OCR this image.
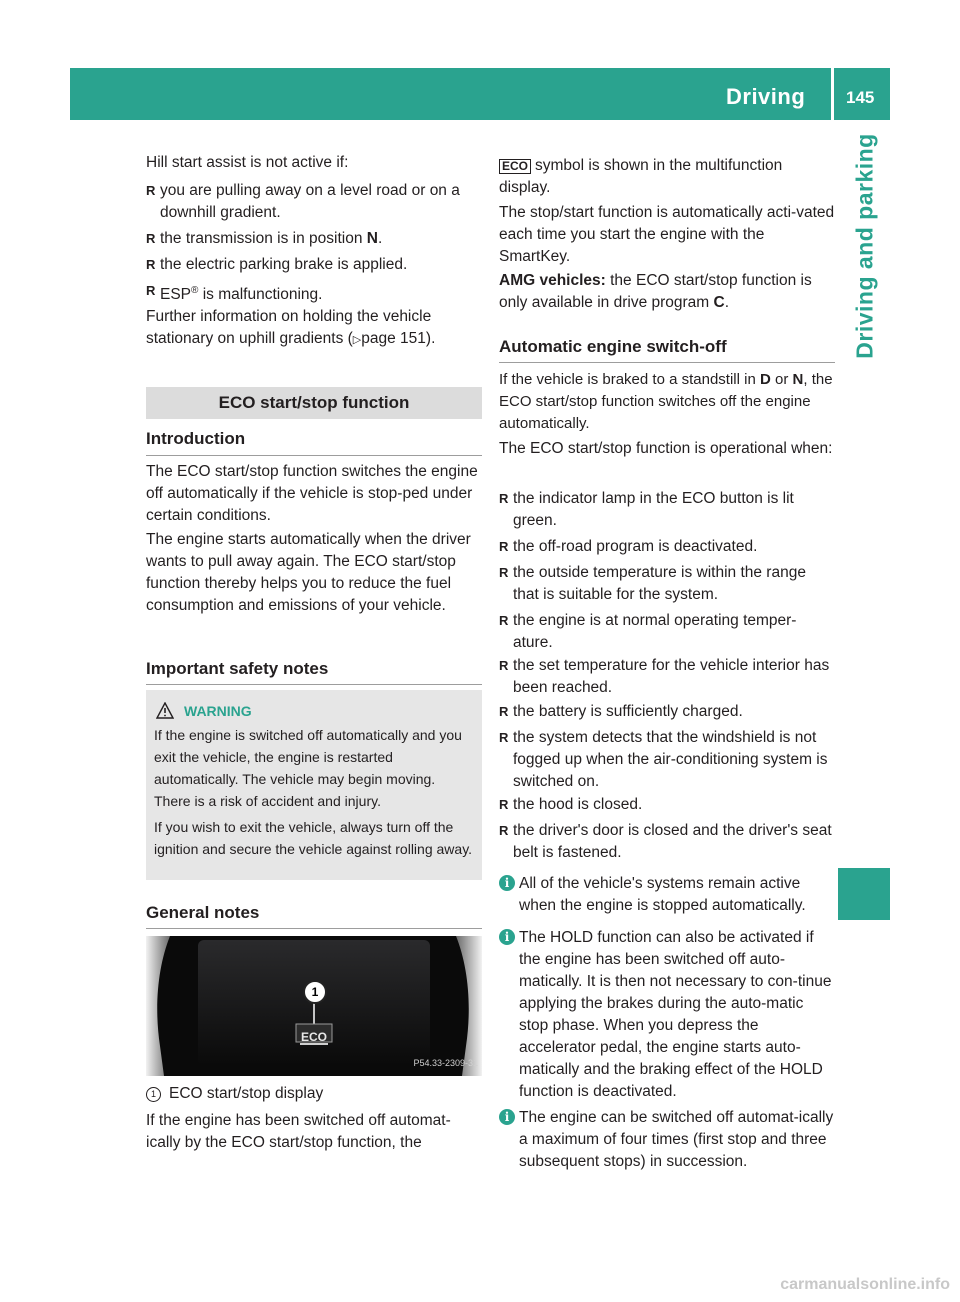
Driving 145
Driving and parking

Hill start assist is not active if:

R you are pulling away on a level road or on a downhill gradient.
R the transmission is in position N.
R the electric parking brake is applied.
R ESP® is malfunctioning.

Further information on holding the vehicle stationary on uphill gradients (▷page 151).

ECO start/stop function

Introduction

The ECO start/stop function switches the engine off automatically if the vehicle is stop-ped under certain conditions.

The engine starts automatically when the driver wants to pull away again. The ECO start/stop function thereby helps you to reduce the fuel consumption and emissions of your vehicle.

Important safety notes

WARNING

If the engine is switched off automatically and you exit the vehicle, the engine is restarted automatically. The vehicle may begin moving. There is a risk of accident and injury.

If you wish to exit the vehicle, always turn off the ignition and secure the vehicle against rolling away.

General notes

1
ECO
P54.33-2309-31

1 ECO start/stop display

If the engine has been switched off automat-ically by the ECO start/stop function, the

ECO symbol is shown in the multifunction display.

The stop/start function is automatically acti-vated each time you start the engine with the SmartKey.

AMG vehicles: the ECO start/stop function is only available in drive program C.

Automatic engine switch-off

If the vehicle is braked to a standstill in D or N, the ECO start/stop function switches off the engine automatically.

The ECO start/stop function is operational when:

R the indicator lamp in the ECO button is lit green.
R the off-road program is deactivated.
R the outside temperature is within the range that is suitable for the system.
R the engine is at normal operating temper-ature.
R the set temperature for the vehicle interior has been reached.
R the battery is sufficiently charged.
R the system detects that the windshield is not fogged up when the air-conditioning system is switched on.
R the hood is closed.
R the driver's door is closed and the driver's seat belt is fastened.
i All of the vehicle's systems remain active when the engine is stopped automatically.
i The HOLD function can also be activated if the engine has been switched off auto-matically. It is then not necessary to con-tinue applying the brakes during the auto-matic stop phase. When you depress the accelerator pedal, the engine starts auto-matically and the braking effect of the HOLD function is deactivated.
i The engine can be switched off automat-ically a maximum of four times (first stop and three subsequent stops) in succession.
carmanualsonline.info
